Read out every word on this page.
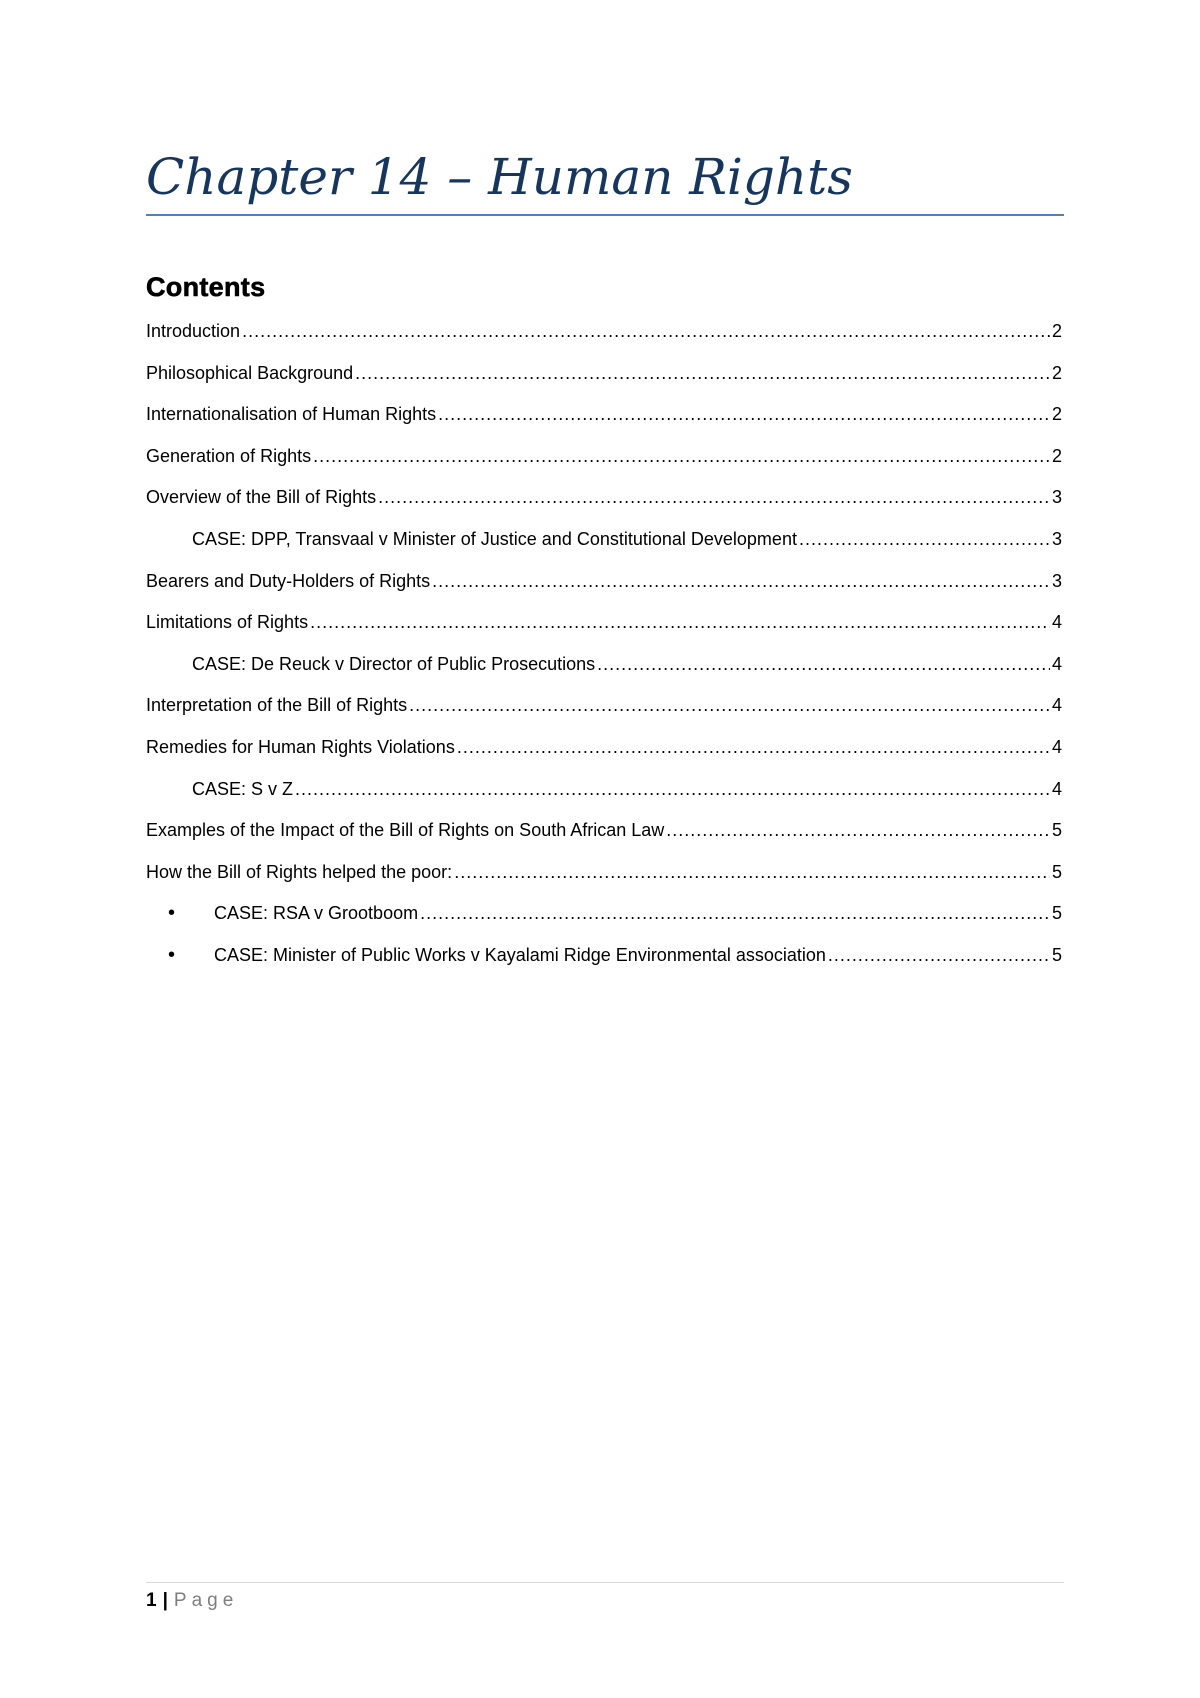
Chapter 14 – Human Rights
Contents
Introduction .....	2
Philosophical Background .....	2
Internationalisation of Human Rights .....	2
Generation of Rights .....	2
Overview of the Bill of Rights .....	3
CASE: DPP, Transvaal v Minister of Justice and Constitutional Development .....	3
Bearers and Duty-Holders of Rights .....	3
Limitations of Rights .....	4
CASE: De Reuck v Director of Public Prosecutions .....	4
Interpretation of the Bill of Rights .....	4
Remedies for Human Rights Violations .....	4
CASE: S v Z .....	4
Examples of the Impact of the Bill of Rights on South African Law .....	5
How the Bill of Rights helped the poor: .....	5
•	CASE: RSA v Grootboom .....	5
•	CASE: Minister of Public Works v Kayalami Ridge Environmental association .....	5
1 | Page
